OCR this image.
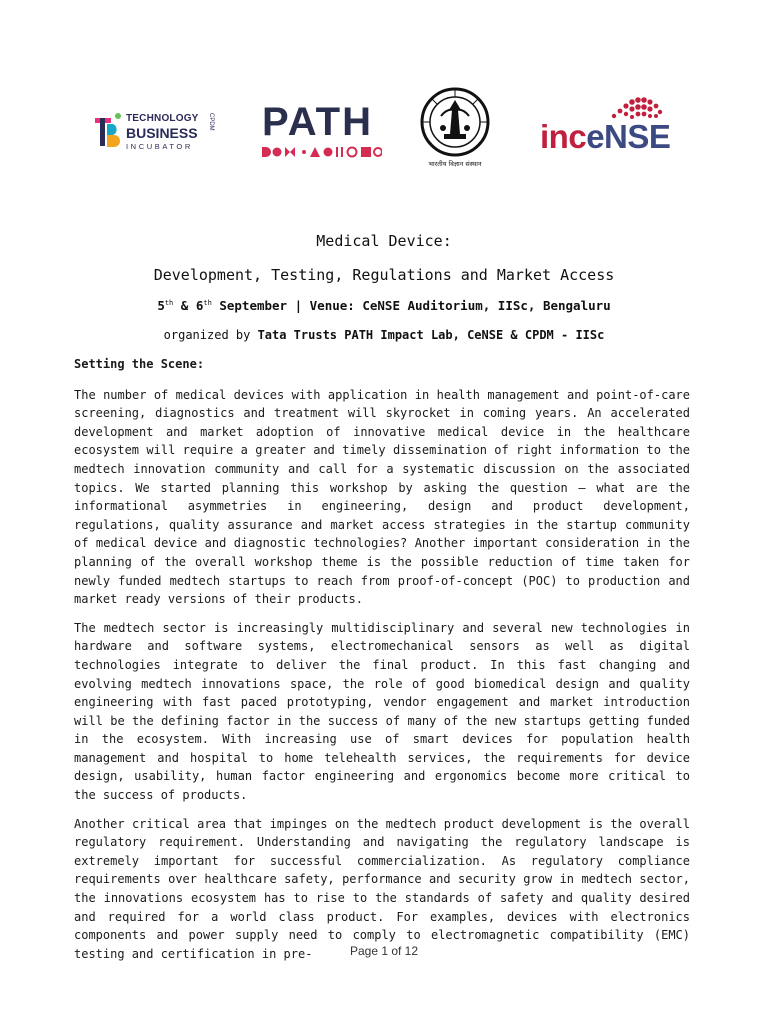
TECHNOLOGY
BUSINESS
INCUBATOR
CPDM PATH
भारतीय विज्ञान संस्थान
inceNSE
Medical Device:
Development, Testing, Regulations and Market Access
5th & 6th September | Venue: CeNSE Auditorium, IISc, Bengaluru
organized by Tata Trusts PATH Impact Lab, CeNSE & CPDM - IISc

Setting the Scene:

The number of medical devices with application in health management and point-of-care screening, diagnostics and treatment will skyrocket in coming years. An accelerated development and market adoption of innovative medical device in the healthcare ecosystem will require a greater and timely dissemination of right information to the medtech innovation community and call for a systematic discussion on the associated topics. We started planning this workshop by asking the question – what are the informational asymmetries in engineering, design and product development, regulations, quality assurance and market access strategies in the startup community of medical device and diagnostic technologies? Another important consideration in the planning of the overall workshop theme is the possible reduction of time taken for newly funded medtech startups to reach from proof-of-concept (POC) to production and market ready versions of their products.

The medtech sector is increasingly multidisciplinary and several new technologies in hardware and software systems, electromechanical sensors as well as digital technologies integrate to deliver the final product. In this fast changing and evolving medtech innovations space, the role of good biomedical design and quality engineering with fast paced prototyping, vendor engagement and market introduction will be the defining factor in the success of many of the new startups getting funded in the ecosystem. With increasing use of smart devices for population health management and hospital to home telehealth services, the requirements for device design, usability, human factor engineering and ergonomics become more critical to the success of products.

Another critical area that impinges on the medtech product development is the overall regulatory requirement. Understanding and navigating the regulatory landscape is extremely important for successful commercialization. As regulatory compliance requirements over healthcare safety, performance and security grow in medtech sector, the innovations ecosystem has to rise to the standards of safety and quality desired and required for a world class product. For examples, devices with electronics components and power supply need to comply to electromagnetic compatibility (EMC) testing and certification in pre-	Page 1 of 12
